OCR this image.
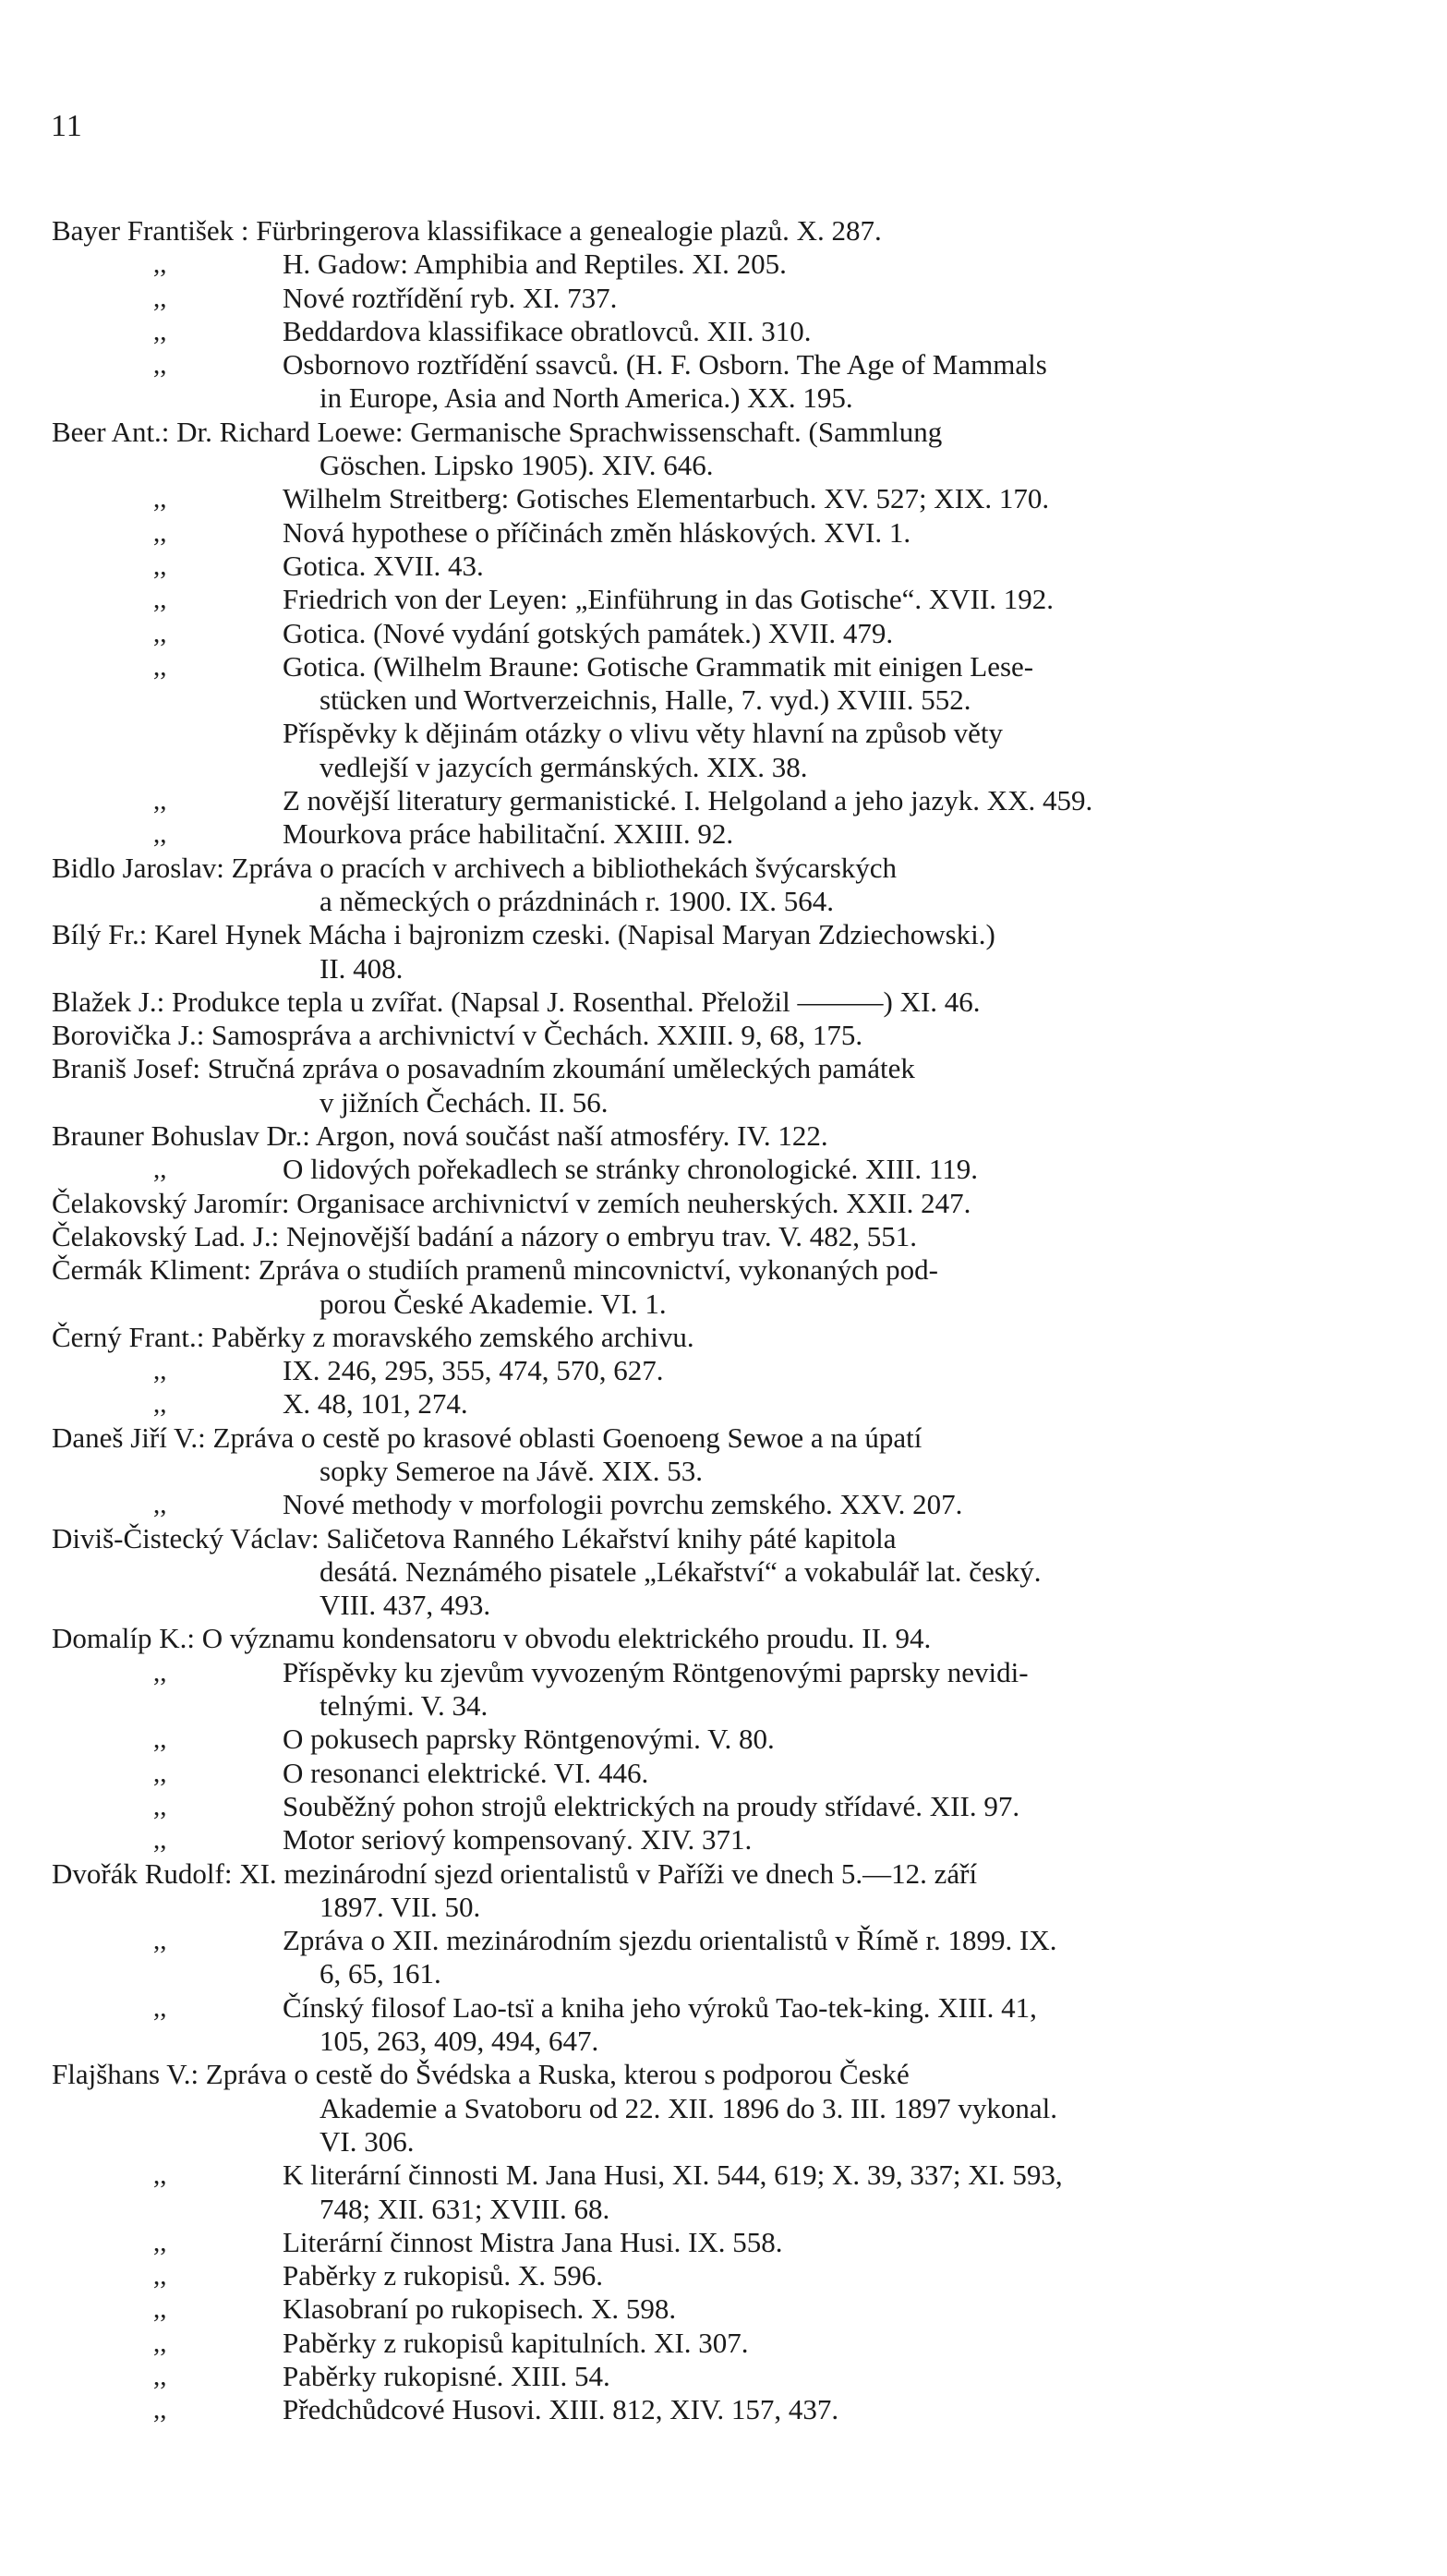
11
Bayer František : Fürbringerova klassifikace a genealogie plazů. X. 287.
,,	H. Gadow: Amphibia and Reptiles. XI. 205.
,,	Nové roztřídění ryb. XI. 737.
,,	Beddardova klassifikace obratlovců. XII. 310.
,,	Osbornovo roztřídění ssavců. (H. F. Osborn. The Age of Mammals
in Europe, Asia and North America.) XX. 195.
Beer Ant.: Dr. Richard Loewe: Germanische Sprachwissenschaft. (Sammlung
Göschen. Lipsko 1905). XIV. 646.
,,	Wilhelm Streitberg: Gotisches Elementarbuch. XV. 527; XIX. 170.
,,	Nová hypothese o příčinách změn hláskových. XVI. 1.
,,	Gotica. XVII. 43.
,,	Friedrich von der Leyen: „Einführung in das Gotische“. XVII. 192.
,,	Gotica. (Nové vydání gotských památek.) XVII. 479.
,,	Gotica. (Wilhelm Braune: Gotische Grammatik mit einigen Lese-
stücken und Wortverzeichnis, Halle, 7. vyd.) XVIII. 552.
Příspěvky k dějinám otázky o vlivu věty hlavní na způsob věty
vedlejší v jazycích germánských. XIX. 38.
,,	Z novější literatury germanistické. I. Helgoland a jeho jazyk. XX. 459.
,,	Mourkova práce habilitační. XXIII. 92.
Bidlo Jaroslav: Zpráva o pracích v archivech a bibliothekách švýcarských
a německých o prázdninách r. 1900. IX. 564.
Bílý Fr.: Karel Hynek Mácha i bajronizm czeski. (Napisal Maryan Zdziechowski.)
II. 408.
Blažek J.: Produkce tepla u zvířat. (Napsal J. Rosenthal. Přeložil ———) XI. 46.
Borovička J.: Samospráva a archivnictví v Čechách. XXIII. 9, 68, 175.
Braniš Josef: Stručná zpráva o posavadním zkoumání uměleckých památek
v jižních Čechách. II. 56.
Brauner Bohuslav Dr.: Argon, nová součást naší atmosféry. IV. 122.
,,	O lidových pořekadlech se stránky chronologické. XIII. 119.
Čelakovský Jaromír: Organisace archivnictví v zemích neuherských. XXII. 247.
Čelakovský Lad. J.: Nejnovější badání a názory o embryu trav. V. 482, 551.
Čermák Kliment: Zpráva o studiích pramenů mincovnictví, vykonaných pod-
porou České Akademie. VI. 1.
Černý Frant.: Paběrky z moravského zemského archivu.
,,	IX. 246, 295, 355, 474, 570, 627.
,,	X. 48, 101, 274.
Daneš Jiří V.: Zpráva o cestě po krasové oblasti Goenoeng Sewoe a na úpatí
sopky Semeroe na Jávě. XIX. 53.
,,	Nové methody v morfologii povrchu zemského. XXV. 207.
Diviš-Čistecký Václav: Saličetova Ranného Lékařství knihy páté kapitola
desátá. Neznámého pisatele „Lékařství“ a vokabulář lat. český.
VIII. 437, 493.
Domalíp K.: O významu kondensatoru v obvodu elektrického proudu. II. 94.
,,	Příspěvky ku zjevům vyvozeným Röntgenovými paprsky nevidi-
telnými. V. 34.
,,	O pokusech paprsky Röntgenovými. V. 80.
,,	O resonanci elektrické. VI. 446.
,,	Souběžný pohon strojů elektrických na proudy střídavé. XII. 97.
,,	Motor seriový kompensovaný. XIV. 371.
Dvořák Rudolf: XI. mezinárodní sjezd orientalistů v Paříži ve dnech 5.—12. září
1897. VII. 50.
,,	Zpráva o XII. mezinárodním sjezdu orientalistů v Římě r. 1899. IX.
6, 65, 161.
,,	Čínský filosof Lao-tsï a kniha jeho výroků Tao-tek-king. XIII. 41,
105, 263, 409, 494, 647.
Flajšhans V.: Zpráva o cestě do Švédska a Ruska, kterou s podporou České
Akademie a Svatoboru od 22. XII. 1896 do 3. III. 1897 vykonal.
VI. 306.
,,	K literární činnosti M. Jana Husi, XI. 544, 619; X. 39, 337; XI. 593,
748; XII. 631; XVIII. 68.
,,	Literární činnost Mistra Jana Husi. IX. 558.
,,	Paběrky z rukopisů. X. 596.
,,	Klasobraní po rukopisech. X. 598.
,,	Paběrky z rukopisů kapitulních. XI. 307.
,,	Paběrky rukopisné. XIII. 54.
,,	Předchůdcové Husovi. XIII. 812, XIV. 157, 437.
